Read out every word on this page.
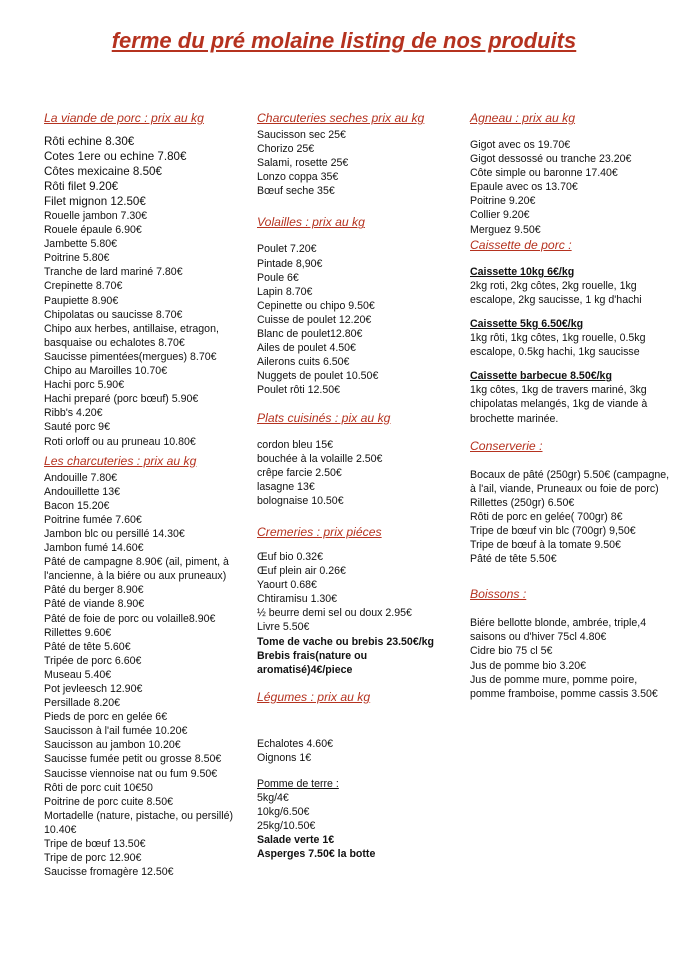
ferme du pré molaine listing de nos produits
La viande de porc : prix au kg
Rôti echine 8.30€
Cotes 1ere ou echine 7.80€
Côtes mexicaine 8.50€
Rôti filet 9.20€
Filet mignon 12.50€
Rouelle jambon 7.30€
Rouele épaule 6.90€
Jambette 5.80€
Poitrine 5.80€
Tranche de lard mariné 7.80€
Crepinette 8.70€
Paupiette 8.90€
Chipolatas ou saucisse 8.70€
Chipo aux herbes, antillaise, etragon, basquaise ou echalotes 8.70€
Saucisse pimentées(mergues) 8.70€
Chipo au Maroilles 10.70€
Hachi porc 5.90€
Hachi preparé (porc bœuf) 5.90€
Ribb's 4.20€
Sauté porc 9€
Roti orloff ou au pruneau 10.80€
Les charcuteries : prix au kg
Andouille 7.80€
Andouillette 13€
Bacon 15.20€
Poitrine fumée 7.60€
Jambon blc ou persillé 14.30€
Jambon fumé 14.60€
Pâté de campagne 8.90€ (ail, piment, à l'ancienne, à la biére ou aux pruneaux)
Pâté du berger 8.90€
Pâté de viande 8.90€
Pâté de foie de porc ou volaille8.90€
Rillettes 9.60€
Pâté de tête 5.60€
Tripée de porc 6.60€
Museau 5.40€
Pot jevleesch 12.90€
Persillade 8.20€
Pieds de porc en gelée 6€
Saucisson à l'ail fumée 10.20€
Saucisson au jambon 10.20€
Saucisse fumée petit ou grosse 8.50€
Saucisse viennoise nat ou fum 9.50€
Rôti de porc cuit 10€50
Poitrine de porc cuite 8.50€
Mortadelle (nature, pistache, ou persillé) 10.40€
Tripe de bœuf 13.50€
Tripe de porc 12.90€
Saucisse fromagère 12.50€
Charcuteries seches prix au kg
Saucisson sec 25€
Chorizo 25€
Salami, rosette 25€
Lonzo coppa 35€
Bœuf seche 35€
Volailles : prix au kg
Poulet 7.20€
Pintade 8,90€
Poule 6€
Lapin 8.70€
Cepinette ou chipo 9.50€
Cuisse de poulet 12.20€
Blanc de poulet12.80€
Ailes de poulet 4.50€
Ailerons cuits 6.50€
Nuggets de poulet 10.50€
Poulet rôti 12.50€
Plats cuisinés : pix au kg
cordon bleu 15€
bouchée à la volaille 2.50€
crêpe farcie 2.50€
lasagne 13€
bolognaise 10.50€
Cremeries : prix piéces
Œuf bio 0.32€
Œuf plein air 0.26€
Yaourt 0.68€
Chtiramisu 1.30€
½ beurre demi sel ou doux 2.95€
Livre 5.50€
Tome de vache ou brebis 23.50€/kg
Brebis frais(nature ou aromatisé)4€/piece
Légumes : prix au kg
Echalotes 4.60€
Oignons 1€
Pomme de terre :
5kg/4€
10kg/6.50€
25kg/10.50€
Salade verte 1€
Asperges 7.50€ la botte
Agneau : prix au kg
Gigot avec os 19.70€
Gigot dessossé ou tranche 23.20€
Côte simple ou baronne 17.40€
Epaule avec os 13.70€
Poitrine 9.20€
Collier 9.20€
Merguez 9.50€
Caissette de porc :
Caissette 10kg 6€/kg
2kg roti, 2kg côtes, 2kg rouelle, 1kg escalope, 2kg saucisse, 1 kg d'hachi
Caissette 5kg 6.50€/kg
1kg rôti, 1kg côtes, 1kg rouelle, 0.5kg escalope, 0.5kg hachi, 1kg saucisse
Caissette barbecue 8.50€/kg
1kg côtes, 1kg de travers mariné, 3kg chipolatas melangés, 1kg de viande à brochette marinée.
Conserverie :
Bocaux de pâté (250gr) 5.50€ (campagne, à l'ail, viande, Pruneaux ou foie de porc)
Rillettes (250gr) 6.50€
Rôti de porc en gelée( 700gr) 8€
Tripe de bœuf vin blc (700gr) 9,50€
Tripe de bœuf à la tomate 9.50€
Pâté de tête 5.50€
Boissons :
Biére bellotte blonde, ambrée, triple,4 saisons ou d'hiver 75cl 4.80€
Cidre bio 75 cl 5€
Jus de pomme bio 3.20€
Jus de pomme mure, pomme poire, pomme framboise, pomme cassis 3.50€
